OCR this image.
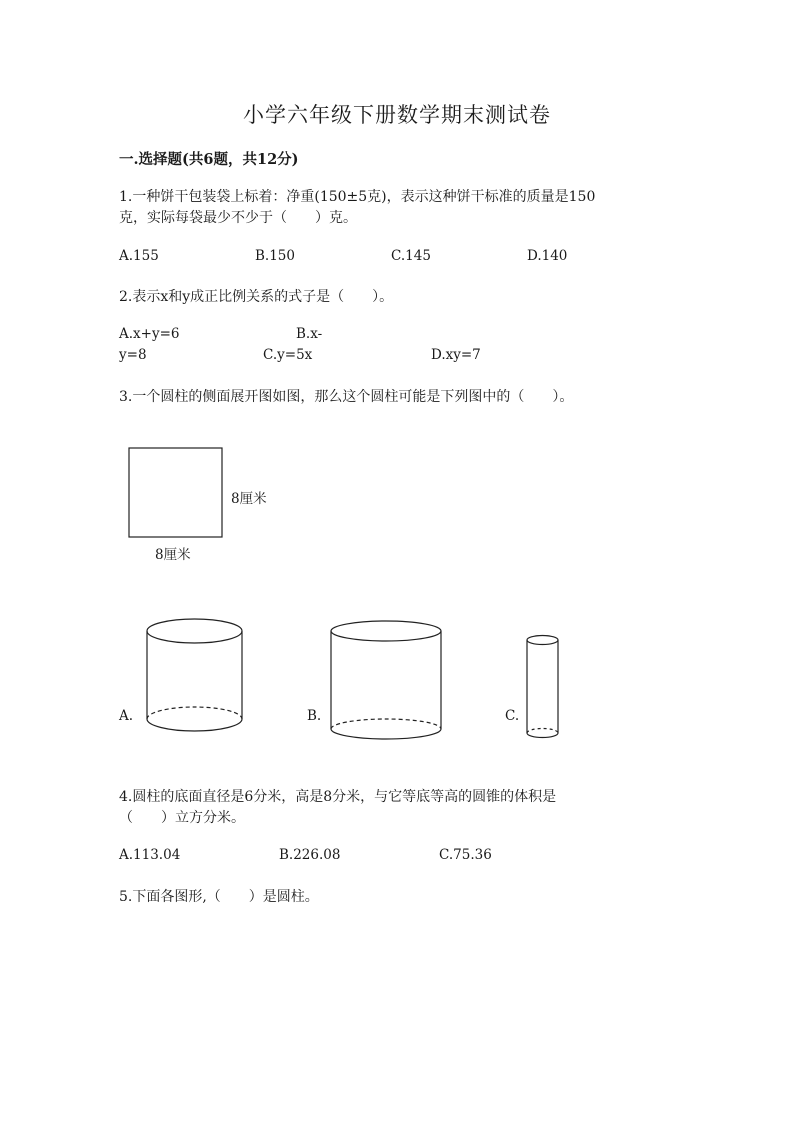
小学六年级下册数学期末测试卷
一.选择题(共6题，共12分)
1.一种饼干包装袋上标着：净重(150±5克)，表示这种饼干标准的质量是150
克，实际每袋最少不少于（　　）克。
A.155	B.150	C.145	D.140
2.表示x和y成正比例关系的式子是（　　）。
A.x+y=6	B.x-
y=8	C.y=5x	D.xy=7
3.一个圆柱的侧面展开图如图，那么这个圆柱可能是下列图中的（　　）。
8厘米
8厘米
A.	B.	C.
4.圆柱的底面直径是6分米，高是8分米，与它等底等高的圆锥的体积是
（　　）立方分米。
A.113.04	B.226.08	C.75.36
5.下面各图形,（　　）是圆柱。
